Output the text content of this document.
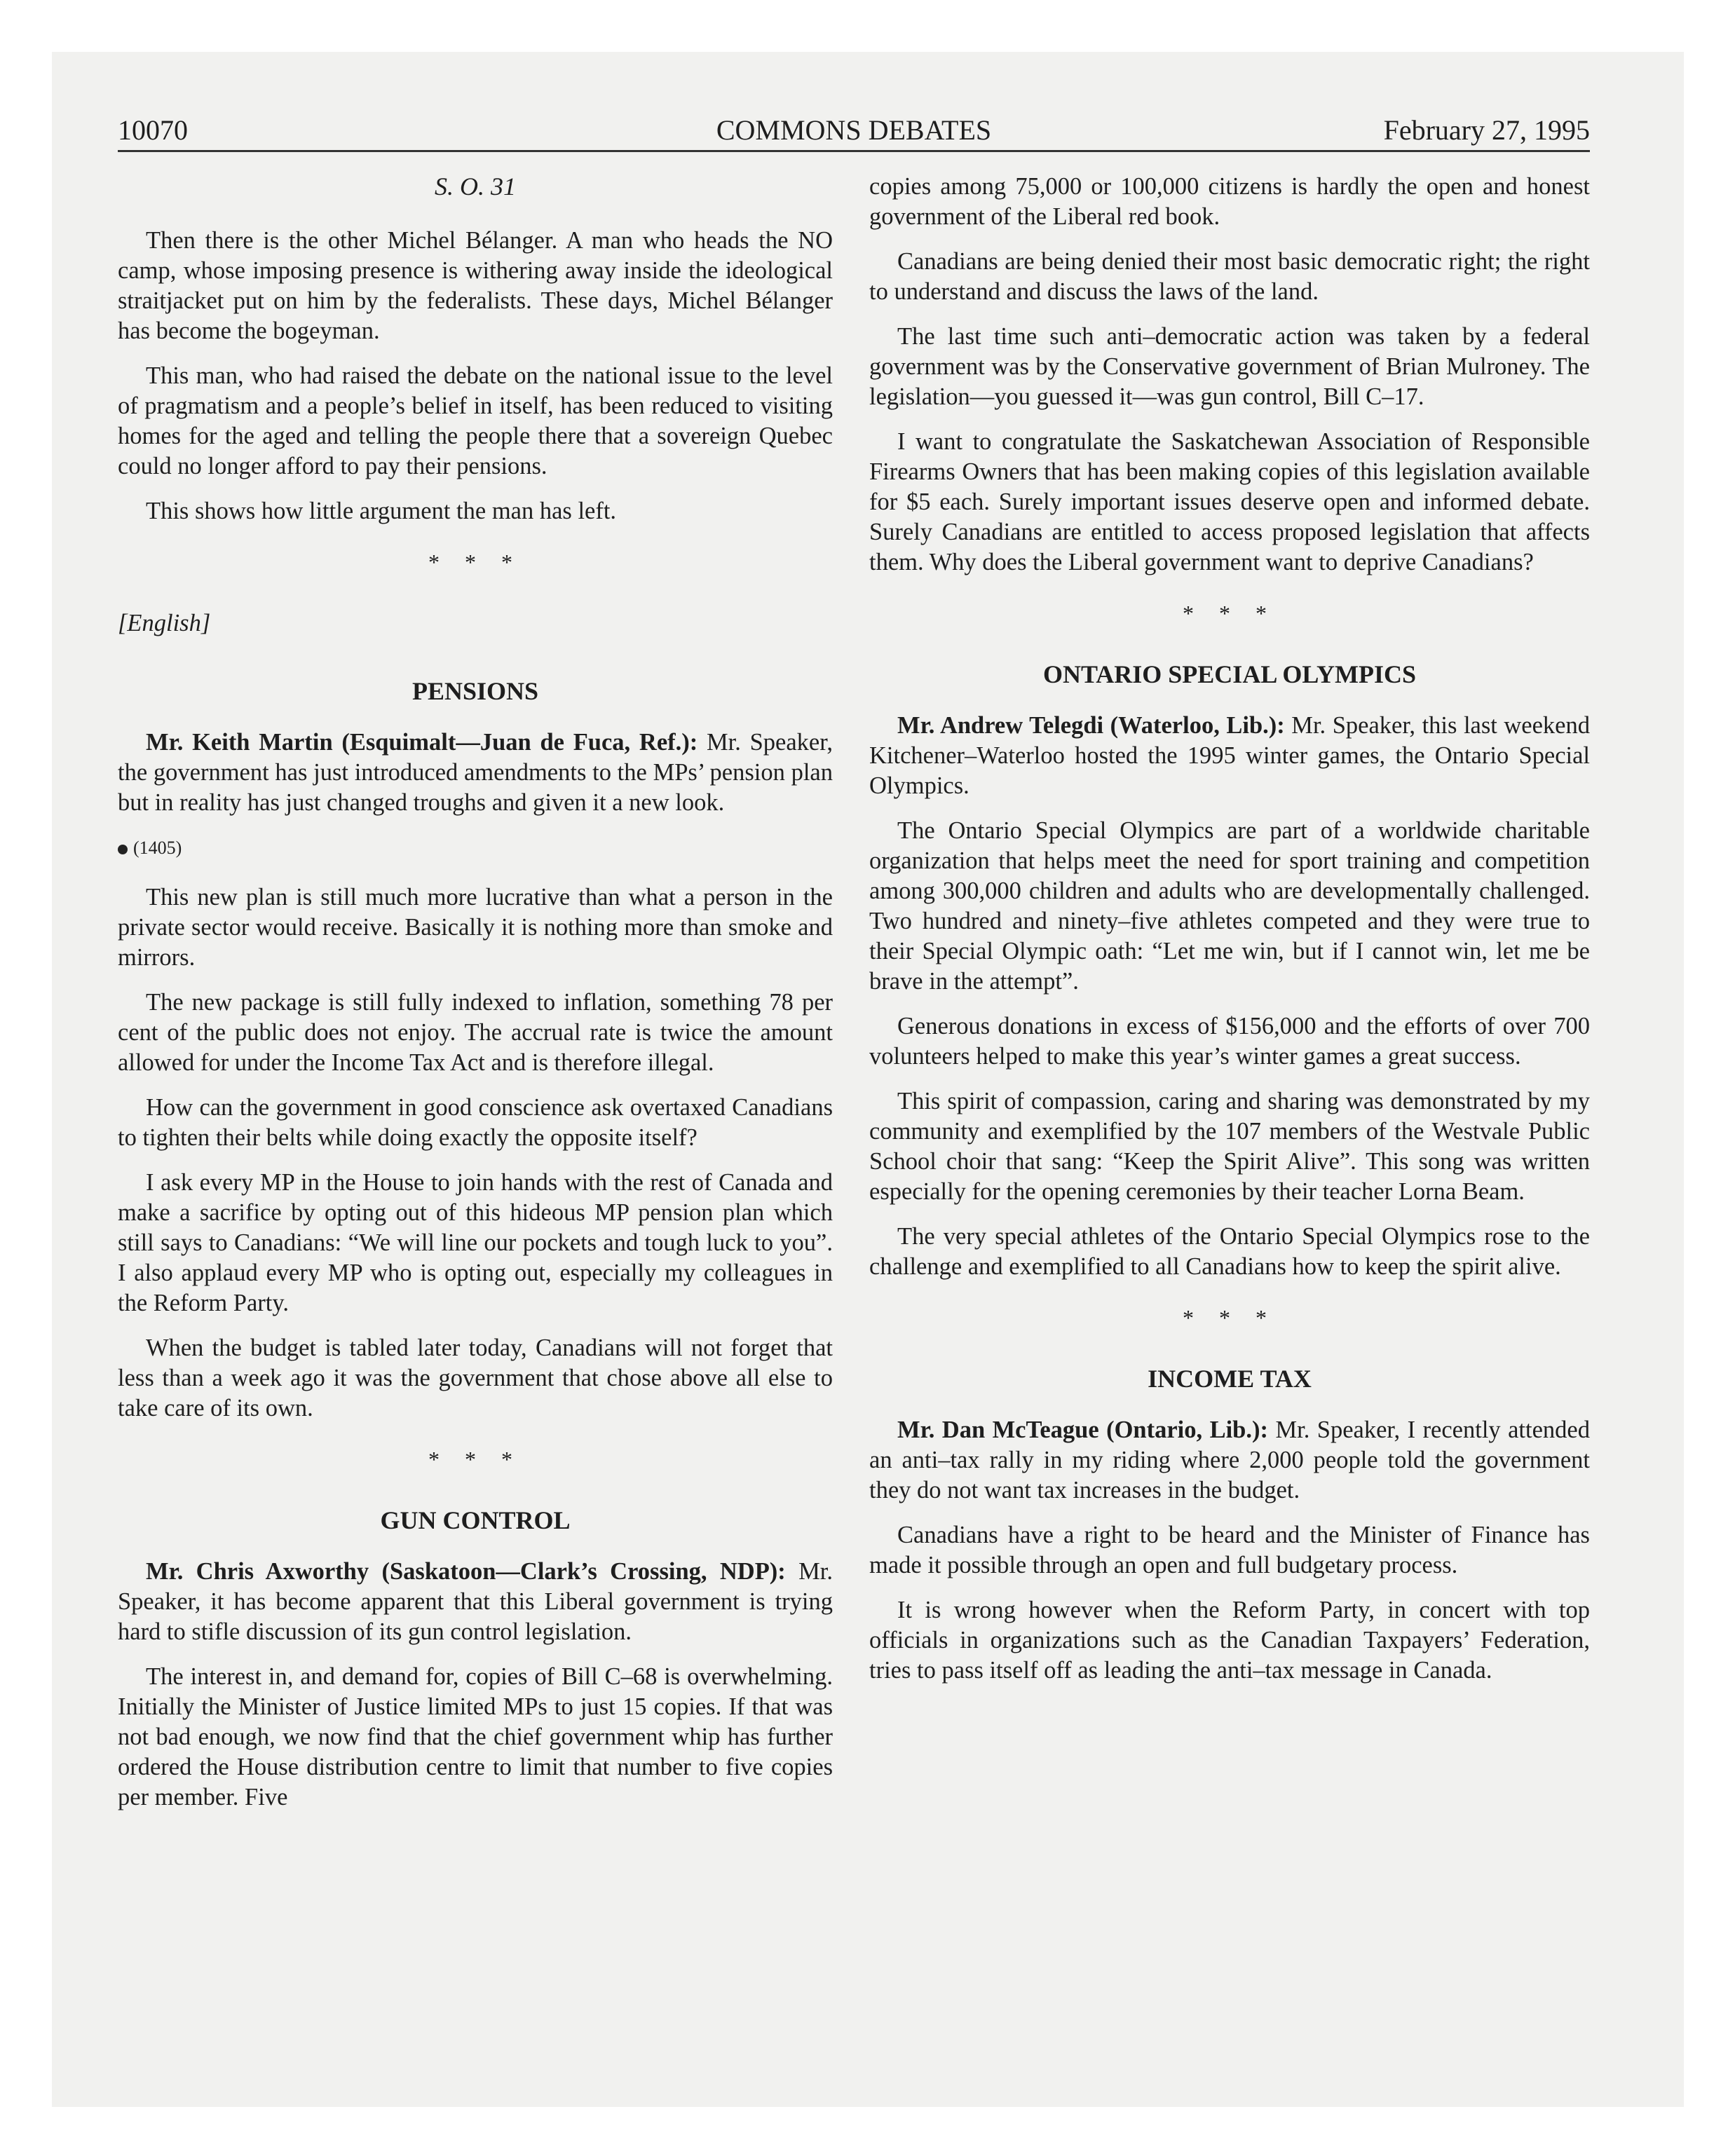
10070	COMMONS DEBATES	February 27, 1995
S. O. 31

Then there is the other Michel Bélanger. A man who heads the NO camp, whose imposing presence is withering away inside the ideological straitjacket put on him by the federalists. These days, Michel Bélanger has become the bogeyman.

This man, who had raised the debate on the national issue to the level of pragmatism and a people’s belief in itself, has been reduced to visiting homes for the aged and telling the people there that a sovereign Quebec could no longer afford to pay their pensions.

This shows how little argument the man has left.

* * *
[English]
PENSIONS

Mr. Keith Martin (Esquimalt—Juan de Fuca, Ref.): Mr. Speaker, the government has just introduced amendments to the MPs’ pension plan but in reality has just changed troughs and given it a new look.

(1405)

This new plan is still much more lucrative than what a person in the private sector would receive. Basically it is nothing more than smoke and mirrors.

The new package is still fully indexed to inflation, something 78 per cent of the public does not enjoy. The accrual rate is twice the amount allowed for under the Income Tax Act and is therefore illegal.

How can the government in good conscience ask overtaxed Canadians to tighten their belts while doing exactly the opposite itself?

I ask every MP in the House to join hands with the rest of Canada and make a sacrifice by opting out of this hideous MP pension plan which still says to Canadians: “We will line our pockets and tough luck to you”. I also applaud every MP who is opting out, especially my colleagues in the Reform Party.

When the budget is tabled later today, Canadians will not forget that less than a week ago it was the government that chose above all else to take care of its own.

* * *
GUN CONTROL

Mr. Chris Axworthy (Saskatoon—Clark’s Crossing, NDP): Mr. Speaker, it has become apparent that this Liberal government is trying hard to stifle discussion of its gun control legislation.

The interest in, and demand for, copies of Bill C–68 is overwhelming. Initially the Minister of Justice limited MPs to just 15 copies. If that was not bad enough, we now find that the chief government whip has further ordered the House distribution centre to limit that number to five copies per member. Five

copies among 75,000 or 100,000 citizens is hardly the open and honest government of the Liberal red book.

Canadians are being denied their most basic democratic right; the right to understand and discuss the laws of the land.

The last time such anti–democratic action was taken by a federal government was by the Conservative government of Brian Mulroney. The legislation—you guessed it—was gun control, Bill C–17.

I want to congratulate the Saskatchewan Association of Responsible Firearms Owners that has been making copies of this legislation available for $5 each. Surely important issues deserve open and informed debate. Surely Canadians are entitled to access proposed legislation that affects them. Why does the Liberal government want to deprive Canadians?

* * *
ONTARIO SPECIAL OLYMPICS

Mr. Andrew Telegdi (Waterloo, Lib.): Mr. Speaker, this last weekend Kitchener–Waterloo hosted the 1995 winter games, the Ontario Special Olympics.

The Ontario Special Olympics are part of a worldwide charitable organization that helps meet the need for sport training and competition among 300,000 children and adults who are developmentally challenged. Two hundred and ninety–five athletes competed and they were true to their Special Olympic oath: “Let me win, but if I cannot win, let me be brave in the attempt”.

Generous donations in excess of $156,000 and the efforts of over 700 volunteers helped to make this year’s winter games a great success.

This spirit of compassion, caring and sharing was demonstrated by my community and exemplified by the 107 members of the Westvale Public School choir that sang: “Keep the Spirit Alive”. This song was written especially for the opening ceremonies by their teacher Lorna Beam.

The very special athletes of the Ontario Special Olympics rose to the challenge and exemplified to all Canadians how to keep the spirit alive.

* * *
INCOME TAX

Mr. Dan McTeague (Ontario, Lib.): Mr. Speaker, I recently attended an anti–tax rally in my riding where 2,000 people told the government they do not want tax increases in the budget.

Canadians have a right to be heard and the Minister of Finance has made it possible through an open and full budgetary process.

It is wrong however when the Reform Party, in concert with top officials in organizations such as the Canadian Taxpayers’ Federation, tries to pass itself off as leading the anti–tax message in Canada.
